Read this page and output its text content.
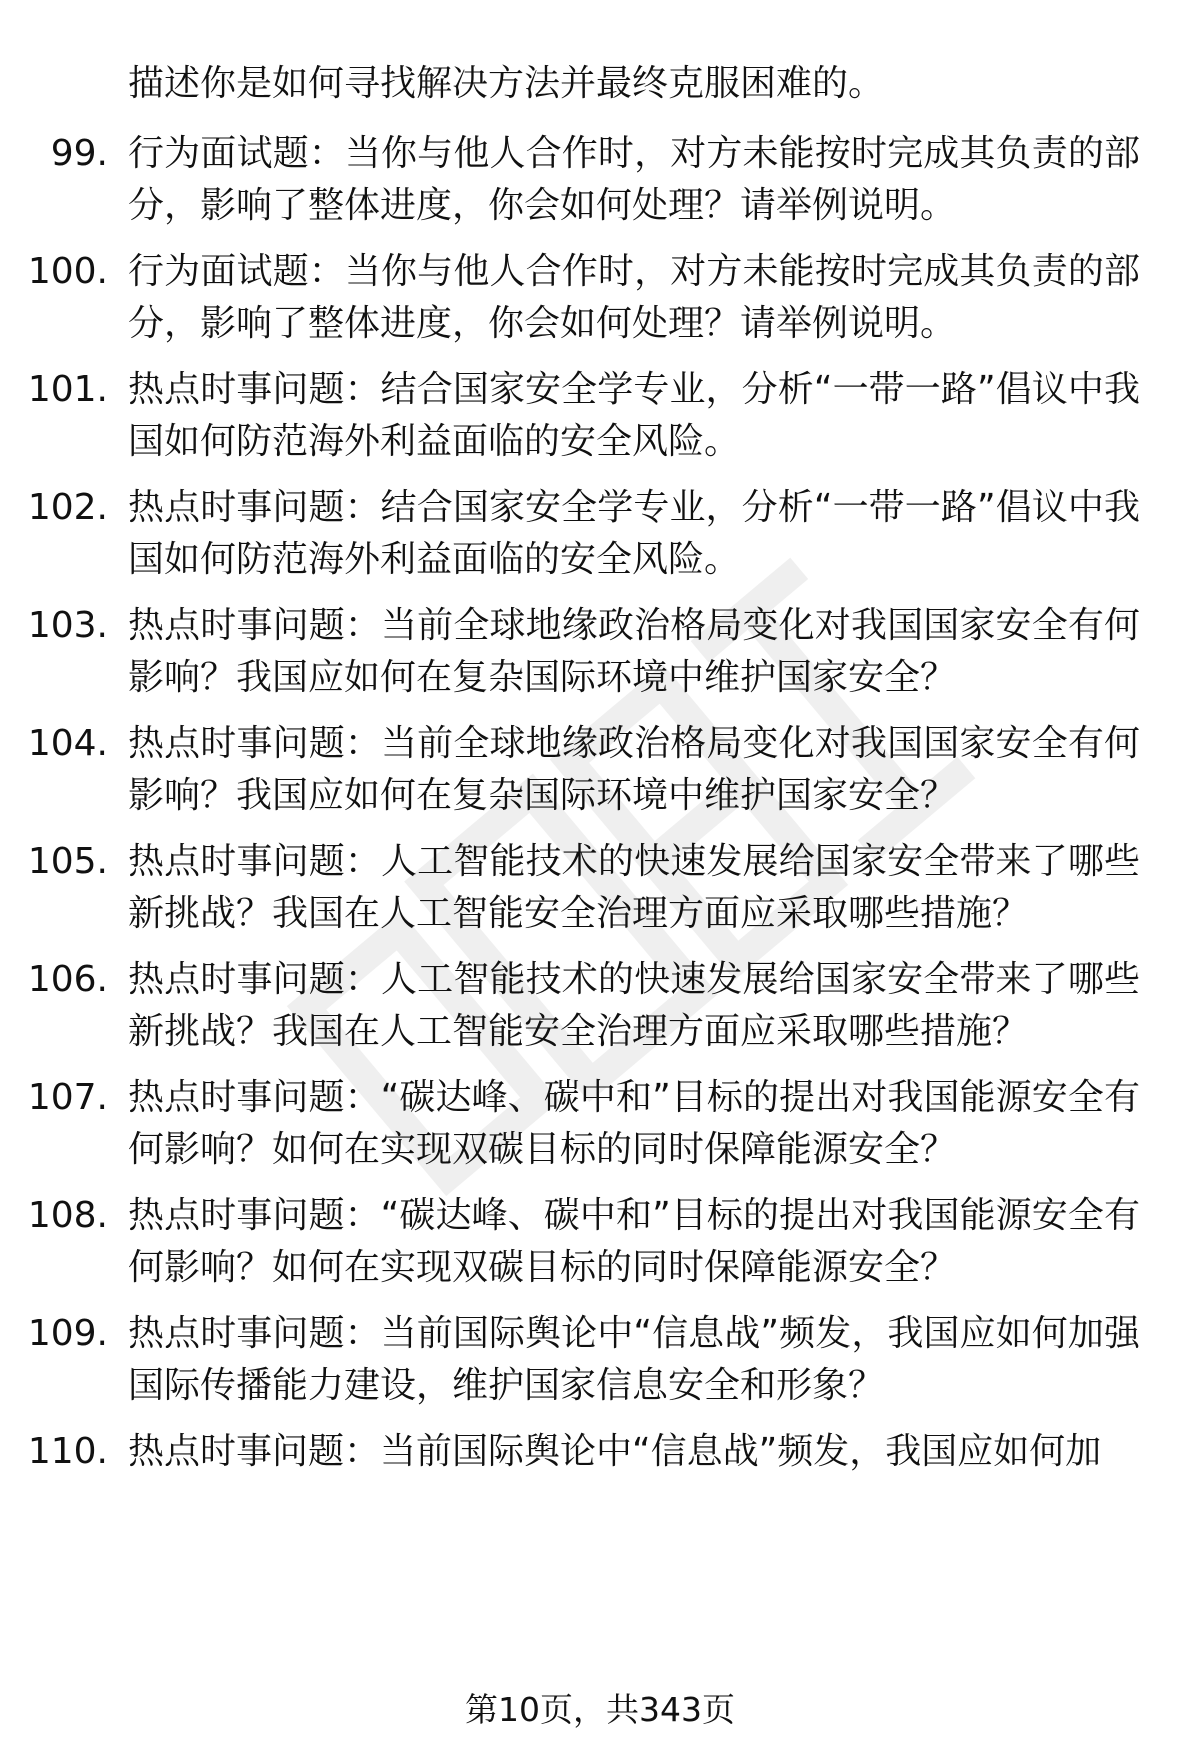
描述你是如何寻找解决方法并最终克服困难的。
99. 行为面试题：当你与他人合作时，对方未能按时完成其负责的部分，影响了整体进度，你会如何处理？请举例说明。
100. 行为面试题：当你与他人合作时，对方未能按时完成其负责的部分，影响了整体进度，你会如何处理？请举例说明。
101. 热点时事问题：结合国家安全学专业，分析“一带一路”倡议中我国如何防范海外利益面临的安全风险。
102. 热点时事问题：结合国家安全学专业，分析“一带一路”倡议中我国如何防范海外利益面临的安全风险。
103. 热点时事问题：当前全球地缘政治格局变化对我国国家安全有何影响？我国应如何在复杂国际环境中维护国家安全？
104. 热点时事问题：当前全球地缘政治格局变化对我国国家安全有何影响？我国应如何在复杂国际环境中维护国家安全？
105. 热点时事问题：人工智能技术的快速发展给国家安全带来了哪些新挑战？我国在人工智能安全治理方面应采取哪些措施？
106. 热点时事问题：人工智能技术的快速发展给国家安全带来了哪些新挑战？我国在人工智能安全治理方面应采取哪些措施？
107. 热点时事问题：“碳达峰、碳中和”目标的提出对我国能源安全有何影响？如何在实现双碳目标的同时保障能源安全？
108. 热点时事问题：“碳达峰、碳中和”目标的提出对我国能源安全有何影响？如何在实现双碳目标的同时保障能源安全？
109. 热点时事问题：当前国际舆论中“信息战”频发，我国应如何加强国际传播能力建设，维护国家信息安全和形象？
110. 热点时事问题：当前国际舆论中“信息战”频发，我国应如何加
第10页，共343页
